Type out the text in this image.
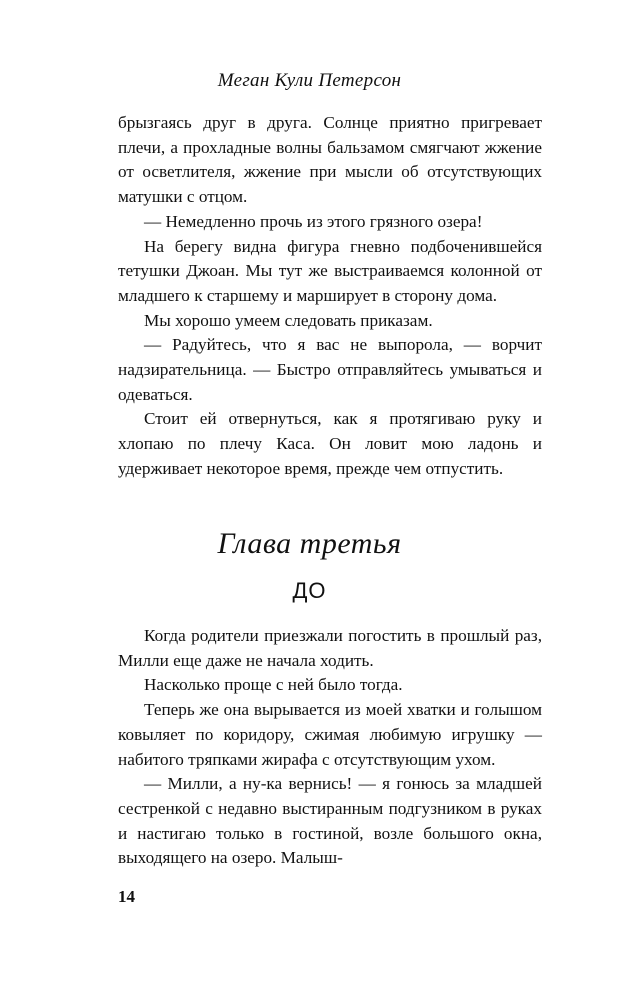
Меган Кули Петерсон

брызгаясь друг в друга. Солнце приятно пригревает плечи, а прохладные волны бальзамом смягчают жжение от осветлителя, жжение при мысли об отсутствующих матушки с отцом.

— Немедленно прочь из этого грязного озера!

На берегу видна фигура гневно подбоченившейся тетушки Джоан. Мы тут же выстраиваемся колонной от младшего к старшему и марширует в сторону дома.

Мы хорошо умеем следовать приказам.

— Радуйтесь, что я вас не выпорола, — ворчит надзирательница. — Быстро отправляйтесь умываться и одеваться.

Стоит ей отвернуться, как я протягиваю руку и хлопаю по плечу Каса. Он ловит мою ладонь и удерживает некоторое время, прежде чем отпустить.

Глава третья
ДО

Когда родители приезжали погостить в прошлый раз, Милли еще даже не начала ходить.

Насколько проще с ней было тогда.

Теперь же она вырывается из моей хватки и голышом ковыляет по коридору, сжимая любимую игрушку — набитого тряпками жирафа с отсутствующим ухом.

— Милли, а ну-ка вернись! — я гонюсь за младшей сестренкой с недавно выстиранным подгузником в руках и настигаю только в гостиной, возле большого окна, выходящего на озеро. Малыш-

14
